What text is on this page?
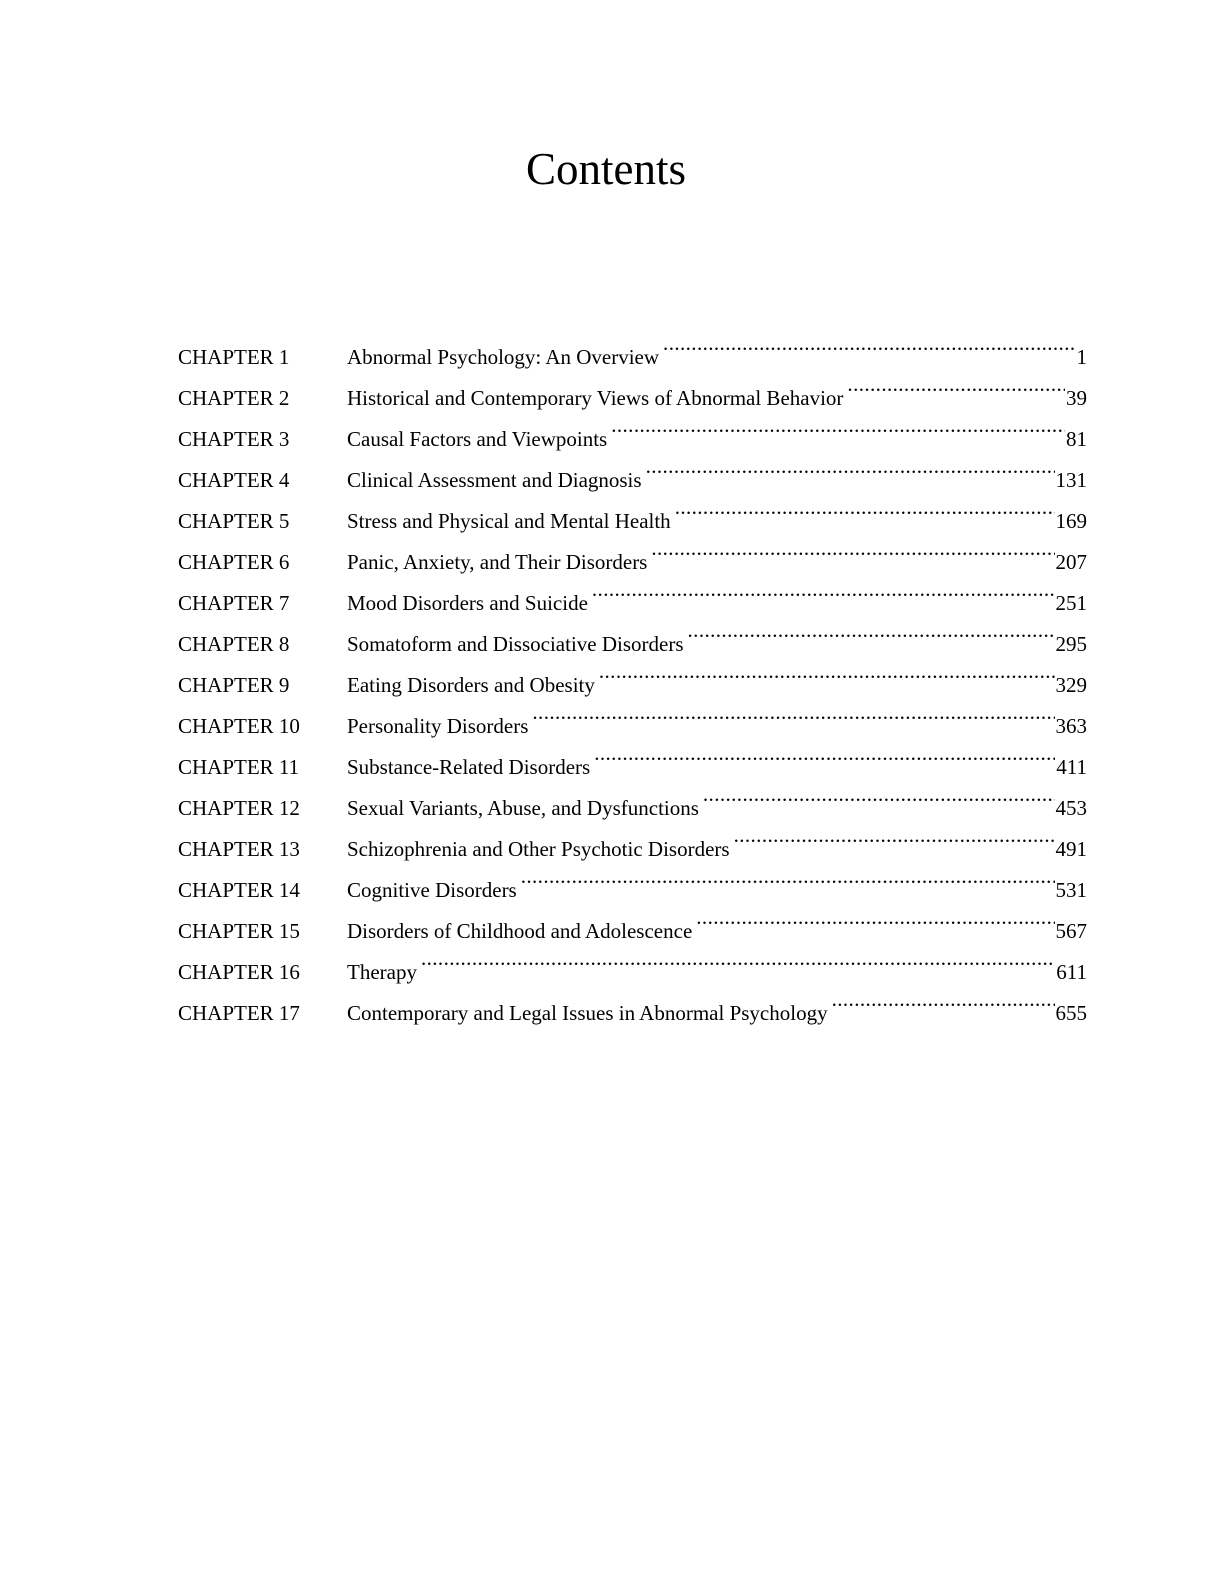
Contents
CHAPTER 1	Abnormal Psychology: An Overview .....	1
CHAPTER 2	Historical and Contemporary Views of Abnormal Behavior .....	39
CHAPTER 3	Causal Factors and Viewpoints .....	81
CHAPTER 4	Clinical Assessment and Diagnosis .....	131
CHAPTER 5	Stress and Physical and Mental Health .....	169
CHAPTER 6	Panic, Anxiety, and Their Disorders .....	207
CHAPTER 7	Mood Disorders and Suicide .....	251
CHAPTER 8	Somatoform and Dissociative Disorders .....	295
CHAPTER 9	Eating Disorders and Obesity .....	329
CHAPTER 10	Personality Disorders .....	363
CHAPTER 11	Substance-Related Disorders .....	411
CHAPTER 12	Sexual Variants, Abuse, and Dysfunctions .....	453
CHAPTER 13	Schizophrenia and Other Psychotic Disorders .....	491
CHAPTER 14	Cognitive Disorders .....	531
CHAPTER 15	Disorders of Childhood and Adolescence .....	567
CHAPTER 16	Therapy .....	611
CHAPTER 17	Contemporary and Legal Issues in Abnormal Psychology .....	655
